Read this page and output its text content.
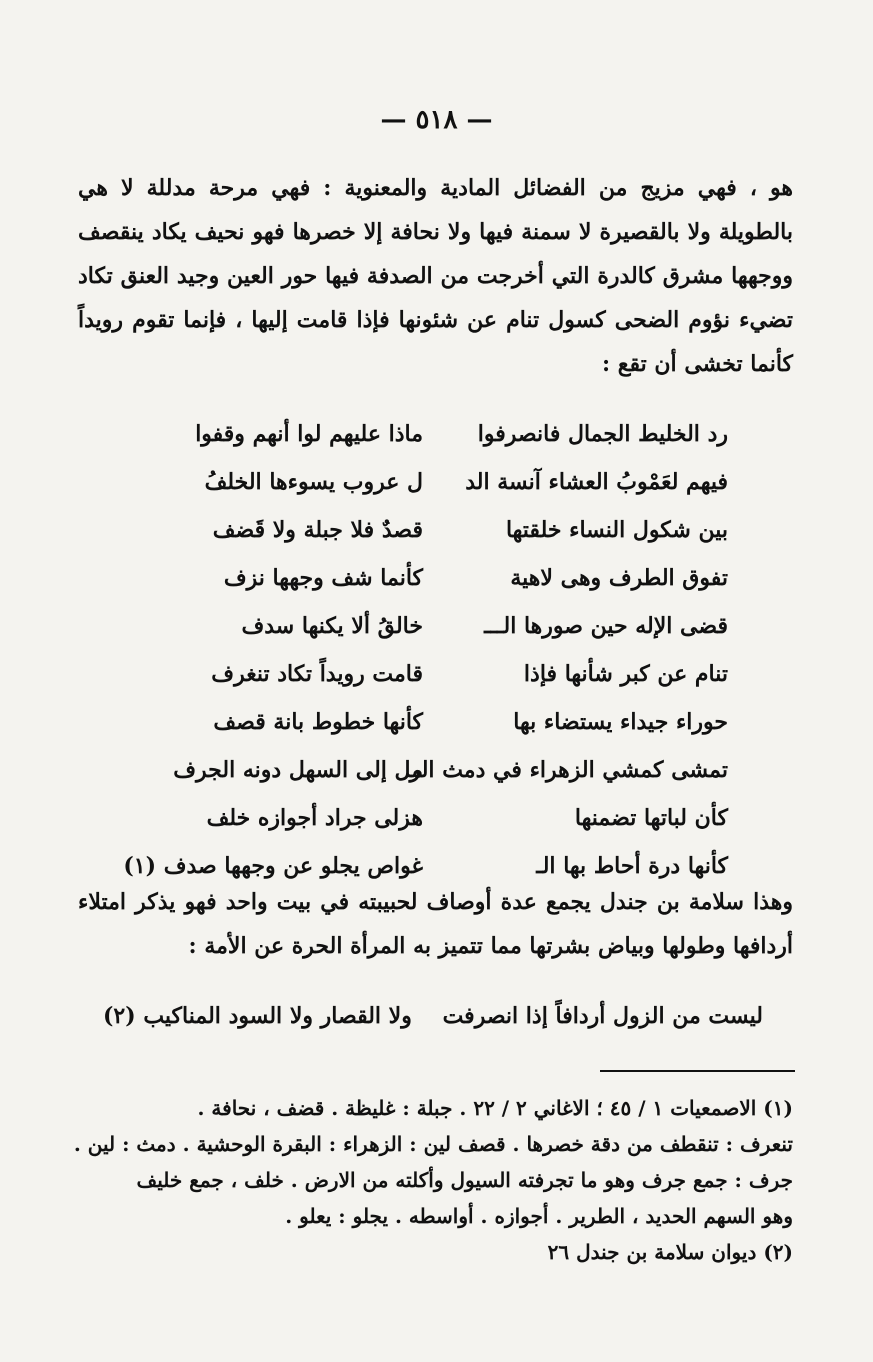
— ٥١٨ —
هو ، فهي مزيج من الفضائل المادية والمعنوية : فهي مرحة مدللة لا هي بالطويلة ولا بالقصيرة لا سمنة فيها ولا نحافة إلا خصرها فهو نحيف يكاد ينقصف ووجهها مشرق كالدرة التي أخرجت من الصدفة فيها حور العين وجيد العنق تكاد تضيء نؤوم الضحى كسول تنام عن شئونها فإذا قامت إليها ، فإنما تقوم رويداً كأنما تخشى أن تقع :
رد الخليط الجمال فانصرفوا
ماذا عليهم لوا أنهم وقفوا
فيهم لعَمْوبُ العشاء آنسة الد
ل عروب يسوءها الخلفُ
بين شكول النساء خلقتها
قصدٌ فلا جبلة ولا قَضف
تفوق الطرف وهى لاهية
كأنما شف وجهها نزف
قضى الإله حين صورها الـــ
خالقُ ألا يكنها سدف
تنام عن كبر شأنها فإذا
قامت رويداً تكاد تنغرف
حوراء جيداء يستضاء بها
كأنها خطوط بانة قصف
تمشى كمشي الزهراء في دمث الر
مل إلى السهل دونه الجرف
كأن لباتها تضمنها
هزلى جراد أجوازه خلف
كأنها درة أحاط بها الـ
غواص يجلو عن وجهها صدف (١)
وهذا سلامة بن جندل يجمع عدة أوصاف لحبيبته في بيت واحد فهو يذكر امتلاء أردافها وطولها وبياض بشرتها مما تتميز به المرأة الحرة عن الأمة :
ليست من الزول أردافاً إذا انصرفت
ولا القصار ولا السود المناكيب (٢)
(١) الاصمعيات ١ / ٤٥ ؛ الاغاني ٢ / ٢٢ . جبلة : غليظة . قضف ، نحافة .
تنعرف : تنقطف من دقة خصرها . قصف لين : الزهراء : البقرة الوحشية . دمث : لين .
جرف : جمع جرف وهو ما تجرفته السيول وأكلته من الارض . خلف ، جمع خليف
وهو السهم الحديد ، الطرير . أجوازه . أواسطه . يجلو : يعلو .
(٢) ديوان سلامة بن جندل ٢٦
